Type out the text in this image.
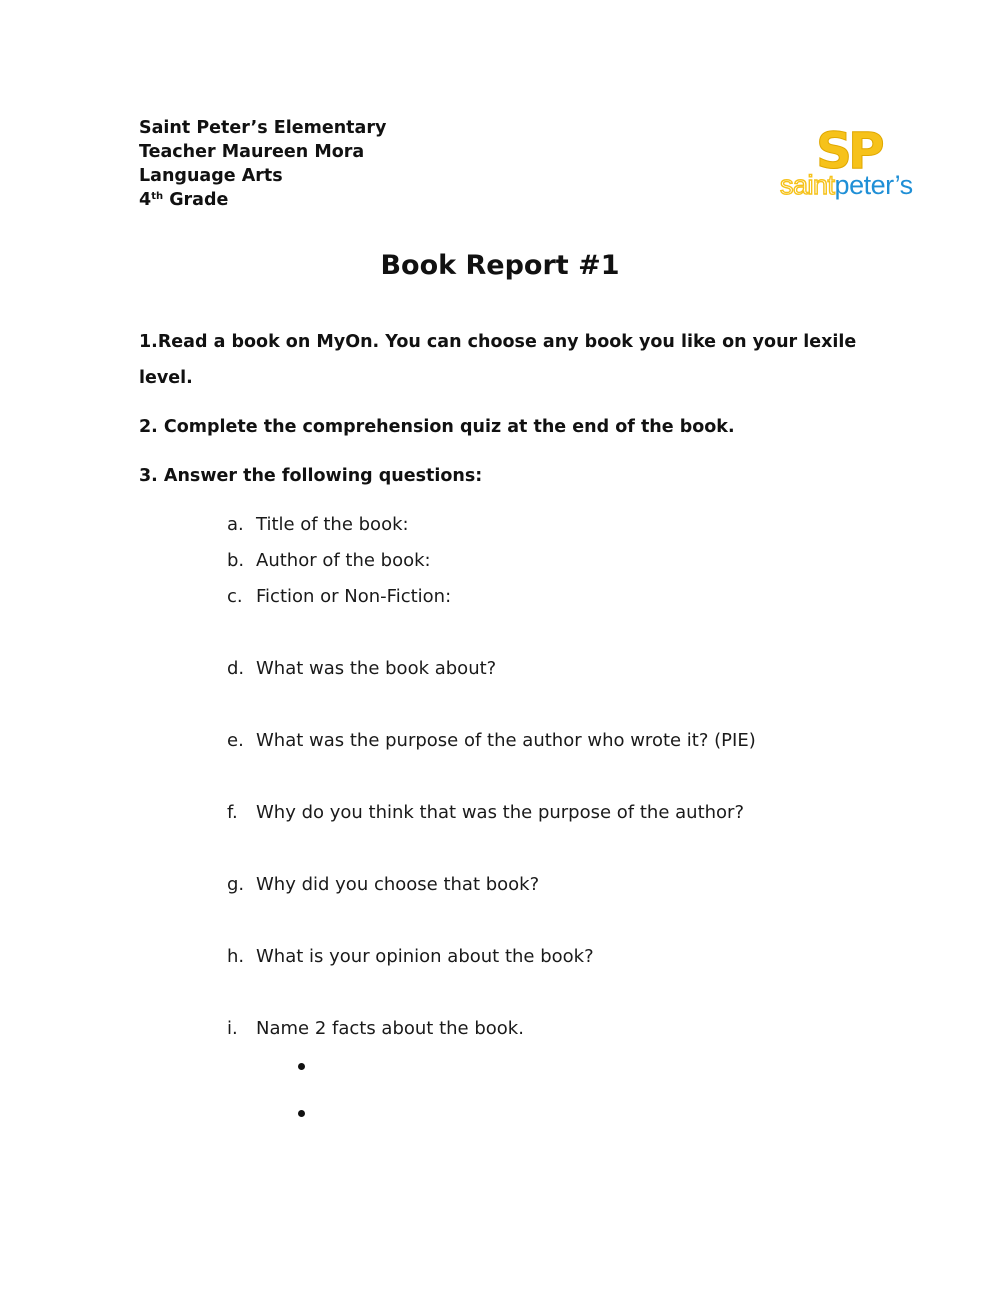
Saint Peter’s Elementary
Teacher Maureen Mora
Language Arts
4th Grade
SP
saintpeter’s
Book Report #1
1.Read a book on MyOn. You can choose any book you like on your lexile level.
2. Complete the comprehension quiz at the end of the book.
3. Answer the following questions:
a. Title of the book:
b. Author of the book:
c. Fiction or Non-Fiction:
d. What was the book about?
e. What was the purpose of the author who wrote it? (PIE)
f. Why do you think that was the purpose of the author?
g. Why did you choose that book?
h. What is your opinion about the book?
i. Name 2 facts about the book.
